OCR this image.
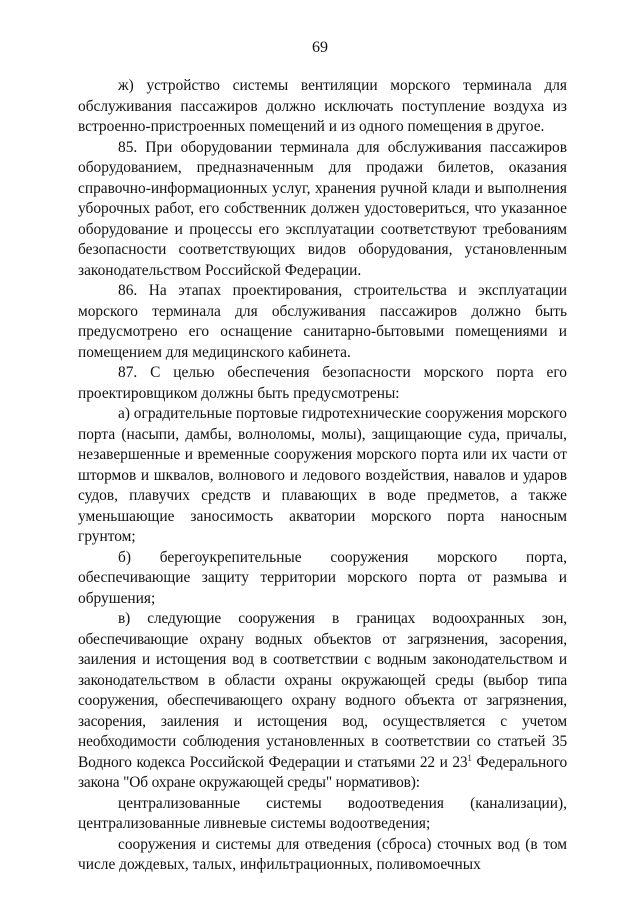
69

ж) устройство системы вентиляции морского терминала для обслуживания пассажиров должно исключать поступление воздуха из встроенно-пристроенных помещений и из одного помещения в другое.

85. При оборудовании терминала для обслуживания пассажиров оборудованием, предназначенным для продажи билетов, оказания справочно-информационных услуг, хранения ручной клади и выполнения уборочных работ, его собственник должен удостовериться, что указанное оборудование и процессы его эксплуатации соответствуют требованиям безопасности соответствующих видов оборудования, установленным законодательством Российской Федерации.

86. На этапах проектирования, строительства и эксплуатации морского терминала для обслуживания пассажиров должно быть предусмотрено его оснащение санитарно-бытовыми помещениями и помещением для медицинского кабинета.

87. С целью обеспечения безопасности морского порта его проектировщиком должны быть предусмотрены:

а) оградительные портовые гидротехнические сооружения морского порта (насыпи, дамбы, волноломы, молы), защищающие суда, причалы, незавершенные и временные сооружения морского порта или их части от штормов и шквалов, волнового и ледового воздействия, навалов и ударов судов, плавучих средств и плавающих в воде предметов, а также уменьшающие заносимость акватории морского порта наносным грунтом;

б) берегоукрепительные сооружения морского порта, обеспечивающие защиту территории морского порта от размыва и обрушения;

в) следующие сооружения в границах водоохранных зон, обеспечивающие охрану водных объектов от загрязнения, засорения, заиления и истощения вод в соответствии с водным законодательством и законодательством в области охраны окружающей среды (выбор типа сооружения, обеспечивающего охрану водного объекта от загрязнения, засорения, заиления и истощения вод, осуществляется с учетом необходимости соблюдения установленных в соответствии со статьей 35 Водного кодекса Российской Федерации и статьями 22 и $23^1$ Федерального закона "Об охране окружающей среды" нормативов):

централизованные системы водоотведения (канализации), централизованные ливневые системы водоотведения;

сооружения и системы для отведения (сброса) сточных вод (в том числе дождевых, талых, инфильтрационных, поливомоечных
